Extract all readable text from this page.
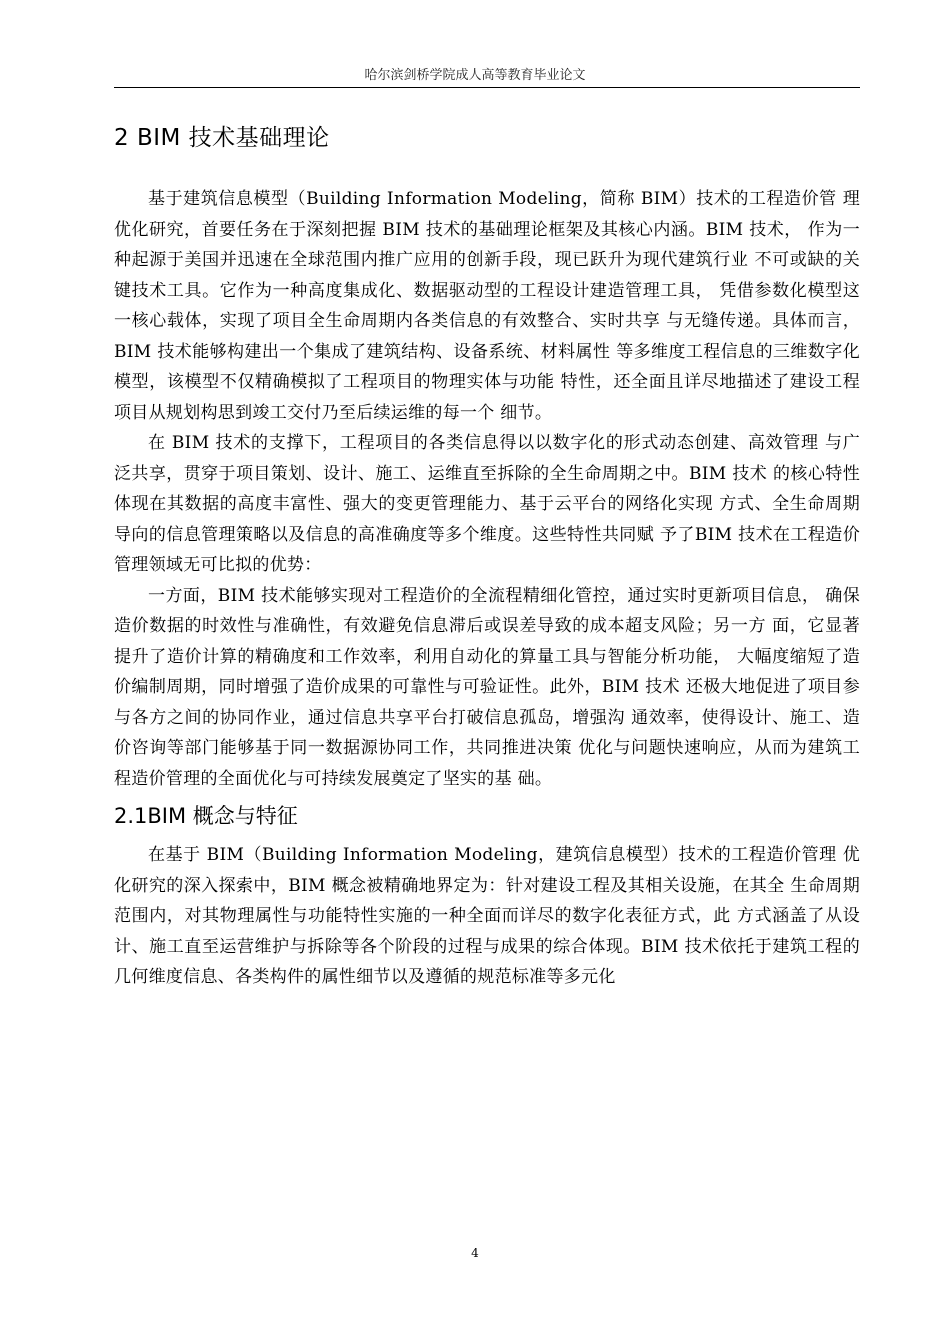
哈尔滨剑桥学院成人高等教育毕业论文
2 BIM 技术基础理论

基于建筑信息模型（Building Information Modeling，简称 BIM）技术的工程造价管 理优化研究，首要任务在于深刻把握 BIM 技术的基础理论框架及其核心内涵。BIM 技术， 作为一种起源于美国并迅速在全球范围内推广应用的创新手段，现已跃升为现代建筑行业 不可或缺的关键技术工具。它作为一种高度集成化、数据驱动型的工程设计建造管理工具， 凭借参数化模型这一核心载体，实现了项目全生命周期内各类信息的有效整合、实时共享 与无缝传递。具体而言，BIM 技术能够构建出一个集成了建筑结构、设备系统、材料属性 等多维度工程信息的三维数字化模型，该模型不仅精确模拟了工程项目的物理实体与功能 特性，还全面且详尽地描述了建设工程项目从规划构思到竣工交付乃至后续运维的每一个 细节。

在 BIM 技术的支撑下，工程项目的各类信息得以以数字化的形式动态创建、高效管理 与广泛共享，贯穿于项目策划、设计、施工、运维直至拆除的全生命周期之中。BIM 技术 的核心特性体现在其数据的高度丰富性、强大的变更管理能力、基于云平台的网络化实现 方式、全生命周期导向的信息管理策略以及信息的高准确度等多个维度。这些特性共同赋 予了BIM 技术在工程造价管理领域无可比拟的优势：

一方面，BIM 技术能够实现对工程造价的全流程精细化管控，通过实时更新项目信息， 确保造价数据的时效性与准确性，有效避免信息滞后或误差导致的成本超支风险；另一方 面，它显著提升了造价计算的精确度和工作效率，利用自动化的算量工具与智能分析功能， 大幅度缩短了造价编制周期，同时增强了造价成果的可靠性与可验证性。此外，BIM 技术 还极大地促进了项目参与各方之间的协同作业，通过信息共享平台打破信息孤岛，增强沟 通效率，使得设计、施工、造价咨询等部门能够基于同一数据源协同工作，共同推进决策 优化与问题快速响应，从而为建筑工程造价管理的全面优化与可持续发展奠定了坚实的基 础。

2.1BIM 概念与特征

在基于 BIM（Building Information Modeling，建筑信息模型）技术的工程造价管理 优化研究的深入探索中，BIM 概念被精确地界定为：针对建设工程及其相关设施，在其全 生命周期范围内，对其物理属性与功能特性实施的一种全面而详尽的数字化表征方式，此 方式涵盖了从设计、施工直至运营维护与拆除等各个阶段的过程与成果的综合体现。BIM 技术依托于建筑工程的几何维度信息、各类构件的属性细节以及遵循的规范标准等多元化

4
